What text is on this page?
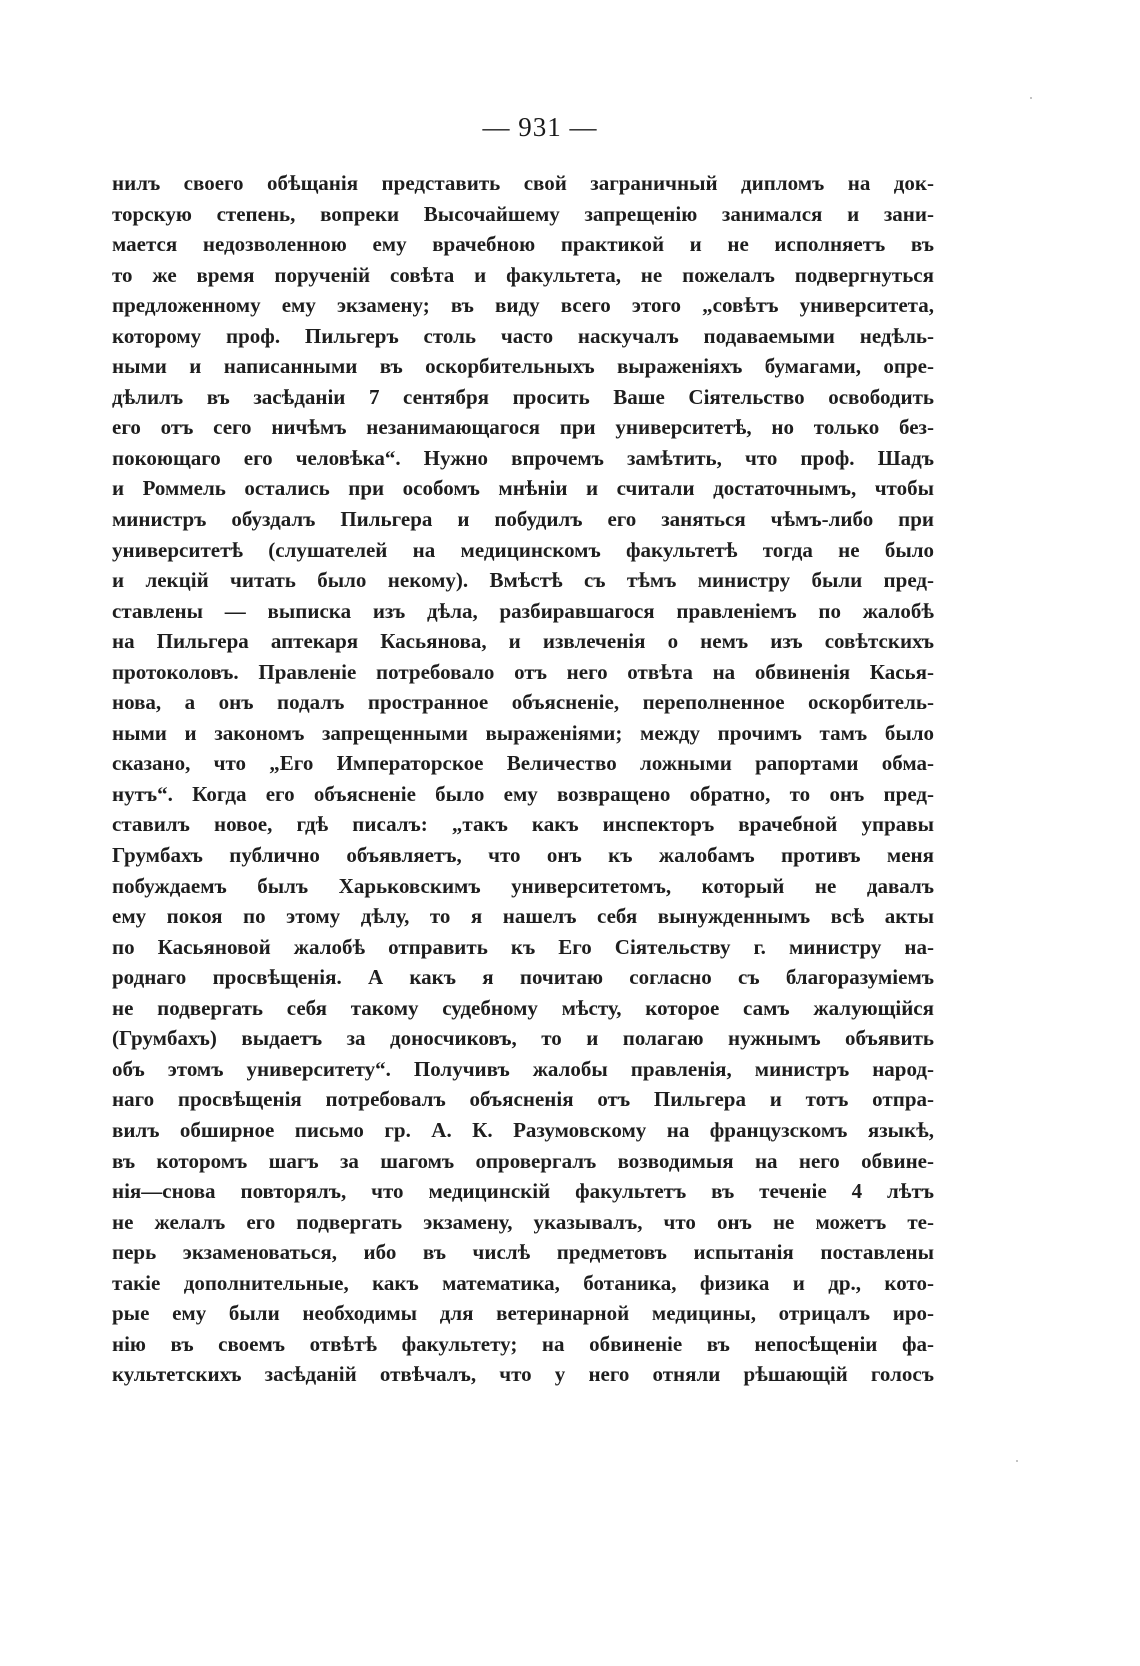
— 931 —
нилъ своего обѣщанія представить свой заграничный дипломъ на док-
торскую степень, вопреки Высочайшему запрещенію занимался и зани-
мается недозволенною ему врачебною практикой и не исполняетъ въ
то же время порученій совѣта и факультета, не пожелалъ подвергнуться
предложенному ему экзамену; въ виду всего этого „совѣтъ университета,
которому проф. Пильгеръ столь часто наскучалъ подаваемыми недѣль-
ными и написанными въ оскорбительныхъ выраженіяхъ бумагами, опре-
дѣлилъ въ засѣданіи 7 сентября просить Ваше Сіятельство освободить
его отъ сего ничѣмъ незанимающагося при университетѣ, но только без-
покоющаго его человѣка“. Нужно впрочемъ замѣтить, что проф. Шадъ
и Роммель остались при особомъ мнѣніи и считали достаточнымъ, чтобы
министръ обуздалъ Пильгера и побудилъ его заняться чѣмъ-либо при
университетѣ (слушателей на медицинскомъ факультетѣ тогда не было
и лекцій читать было некому). Вмѣстѣ съ тѣмъ министру были пред-
ставлены — выписка изъ дѣла, разбиравшагося правленіемъ по жалобѣ
на Пильгера аптекаря Касьянова, и извлеченія о немъ изъ совѣтскихъ
протоколовъ. Правленіе потребовало отъ него отвѣта на обвиненія Касья-
нова, а онъ подалъ пространное объясненіе, переполненное оскорбитель-
ными и закономъ запрещенными выраженіями; между прочимъ тамъ было
сказано, что „Его Императорское Величество ложными рапортами обма-
нутъ“. Когда его объясненіе было ему возвращено обратно, то онъ пред-
ставилъ новое, гдѣ писалъ: „такъ какъ инспекторъ врачебной управы
Грумбахъ публично объявляетъ, что онъ къ жалобамъ противъ меня
побуждаемъ былъ Харьковскимъ университетомъ, который не давалъ
ему покоя по этому дѣлу, то я нашелъ себя вынужденнымъ всѣ акты
по Касьяновой жалобѣ отправить къ Его Сіятельству г. министру на-
роднаго просвѣщенія. А какъ я почитаю согласно съ благоразуміемъ
не подвергать себя такому судебному мѣсту, которое самъ жалующійся
(Грумбахъ) выдаетъ за доносчиковъ, то и полагаю нужнымъ объявить
объ этомъ университету“. Получивъ жалобы правленія, министръ народ-
наго просвѣщенія потребовалъ объясненія отъ Пильгера и тотъ отпра-
вилъ обширное письмо гр. А. К. Разумовскому на французскомъ языкѣ,
въ которомъ шагъ за шагомъ опровергалъ возводимыя на него обвине-
нія—снова повторялъ, что медицинскій факультетъ въ теченіе 4 лѣтъ
не желалъ его подвергать экзамену, указывалъ, что онъ не можетъ те-
перь экзаменоваться, ибо въ числѣ предметовъ испытанія поставлены
такіе дополнительные, какъ математика, ботаника, физика и др., кото-
рые ему были необходимы для ветеринарной медицины, отрицалъ иро-
нію въ своемъ отвѣтѣ факультету; на обвиненіе въ непосѣщеніи фа-
культетскихъ засѣданій отвѣчалъ, что у него отняли рѣшающій голосъ
